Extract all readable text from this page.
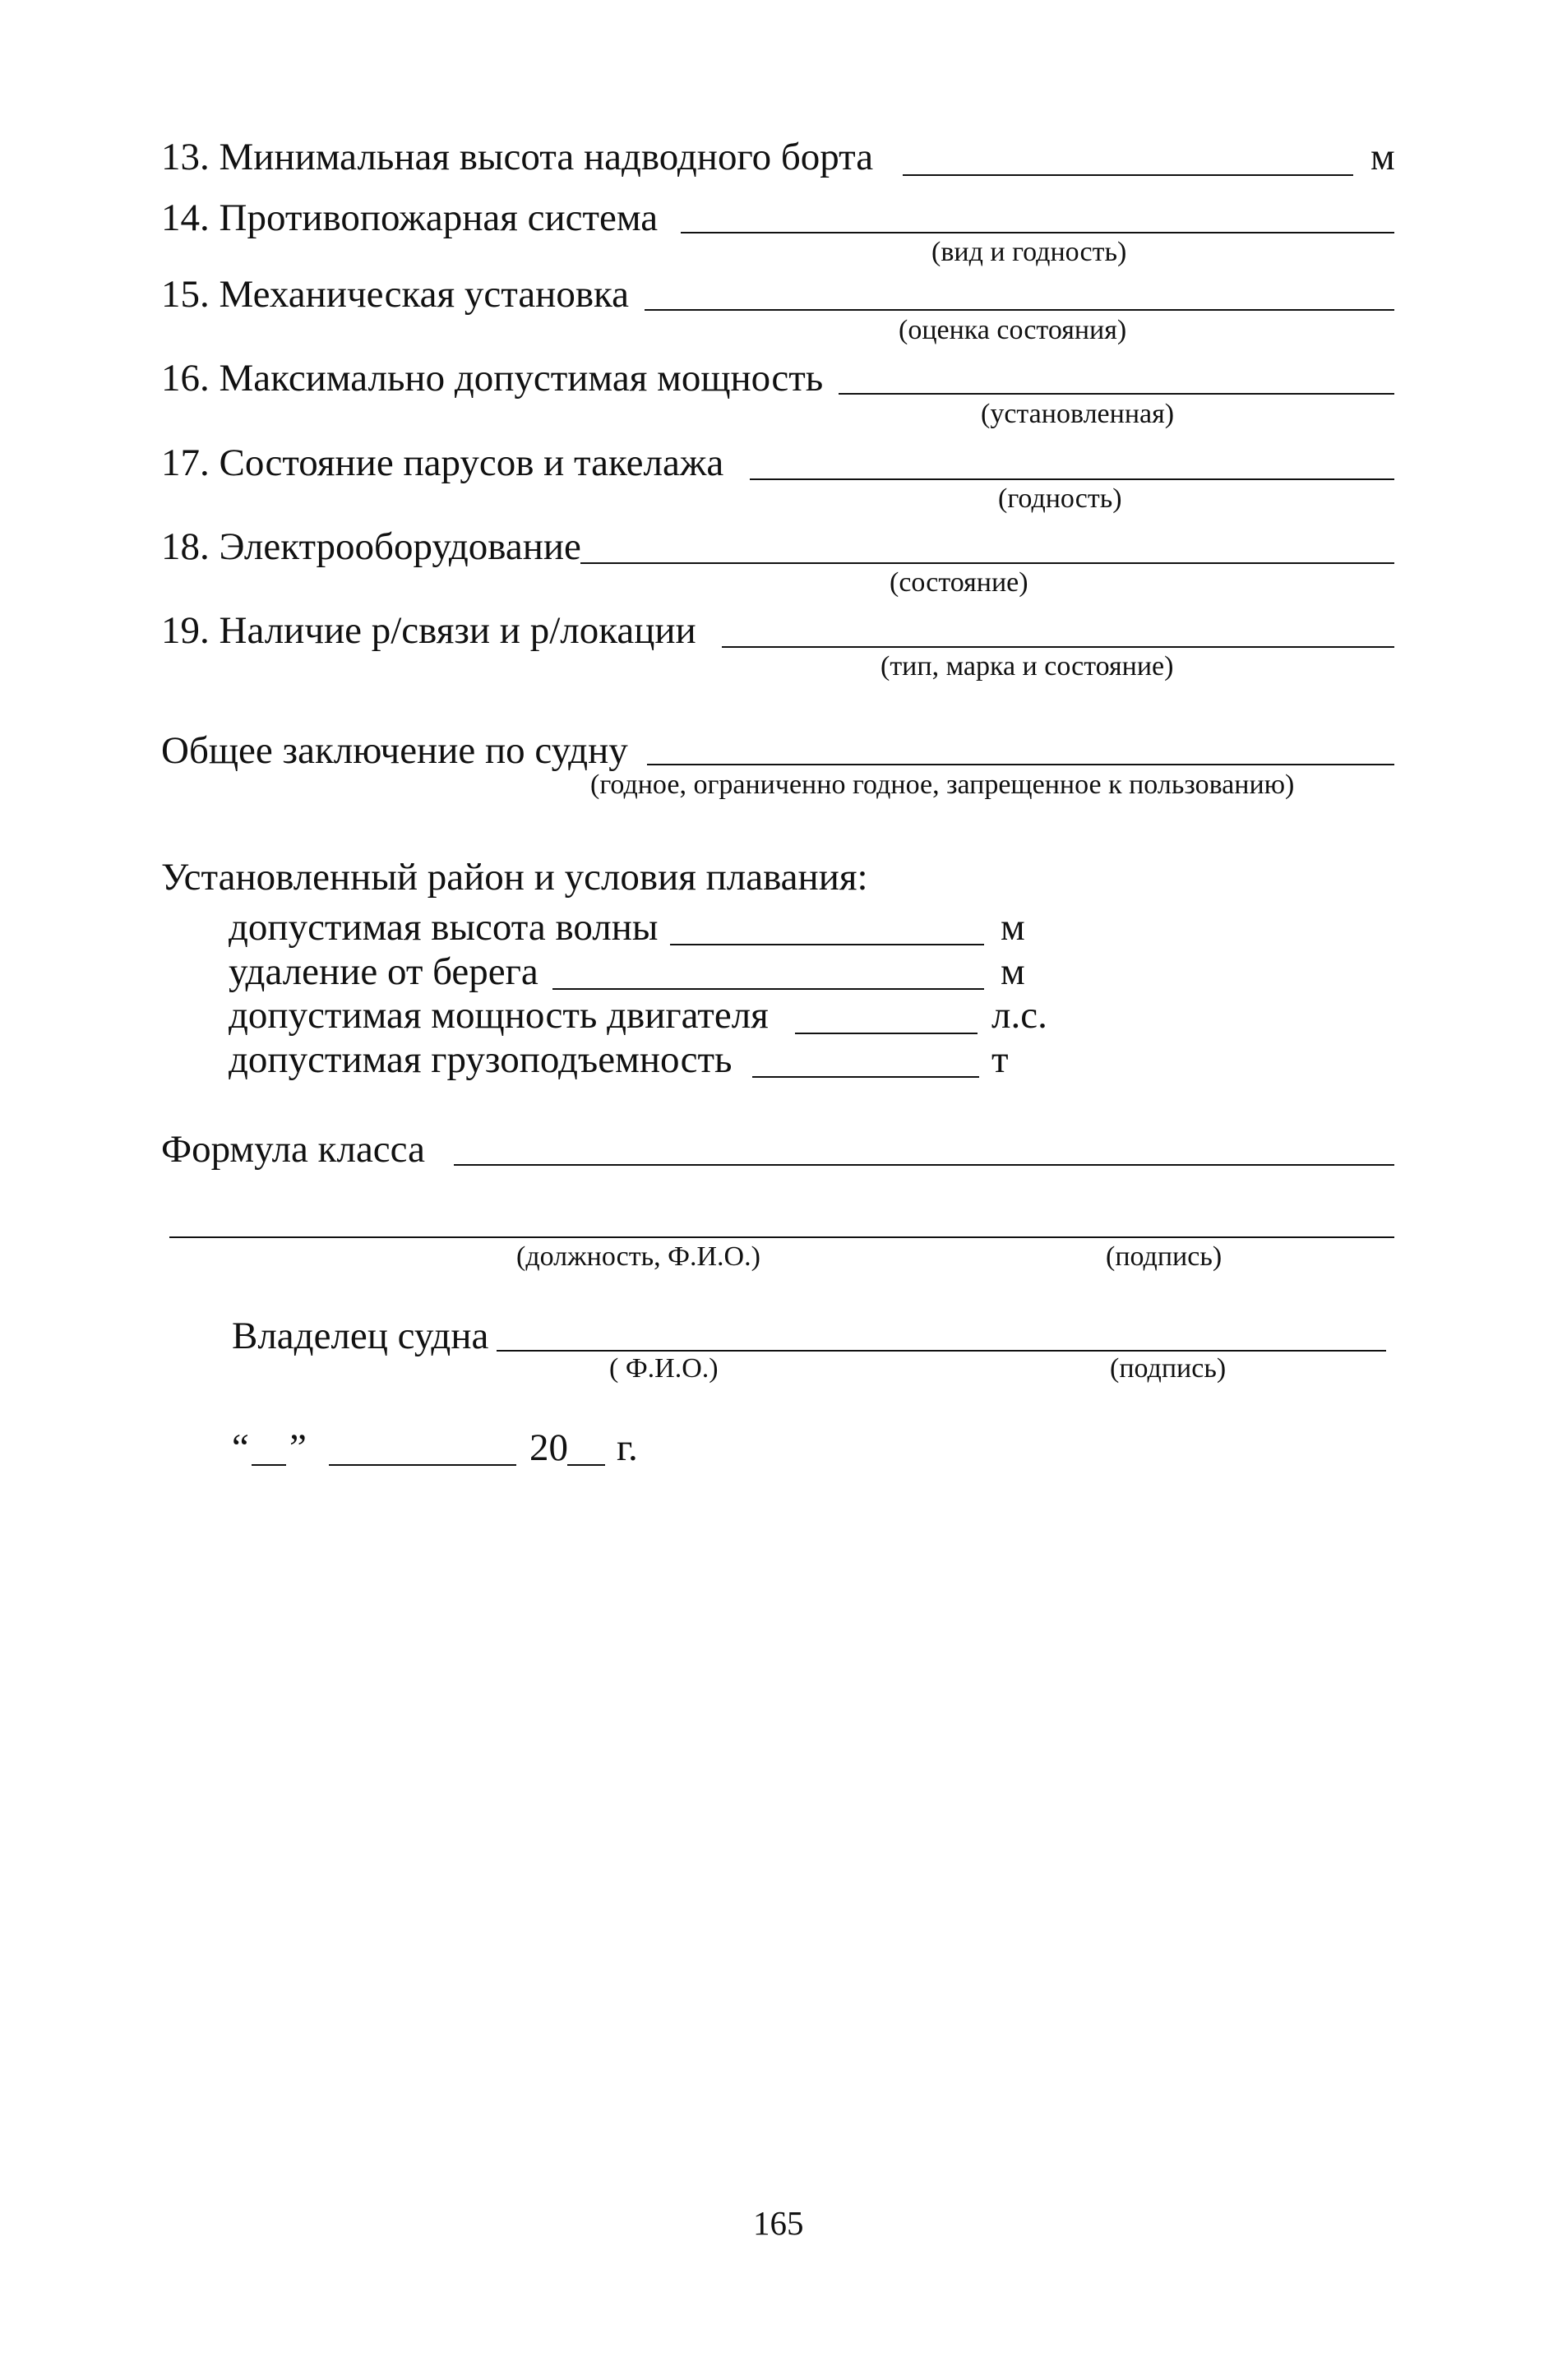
13. Минимальная высота надводного борта	м
14. Противопожарная система
(вид и годность)
15. Механическая установка
(оценка состояния)
16. Максимально допустимая мощность
(установленная)
17. Состояние парусов и такелажа
(годность)
18. Электрооборудование
(состояние)
19. Наличие р/связи и р/локации
(тип, марка и состояние)
Общее заключение по судну
(годное, ограниченно годное, запрещенное к пользованию)
Установленный район и условия плавания:
допустимая высота волны	м
удаление от берега	м
допустимая мощность двигателя	л.с.
допустимая грузоподъемность	т
Формула класса
(должность, Ф.И.О.)	(подпись)
Владелец судна
( Ф.И.О.)	(подпись)
“ ”	20 г.
165
